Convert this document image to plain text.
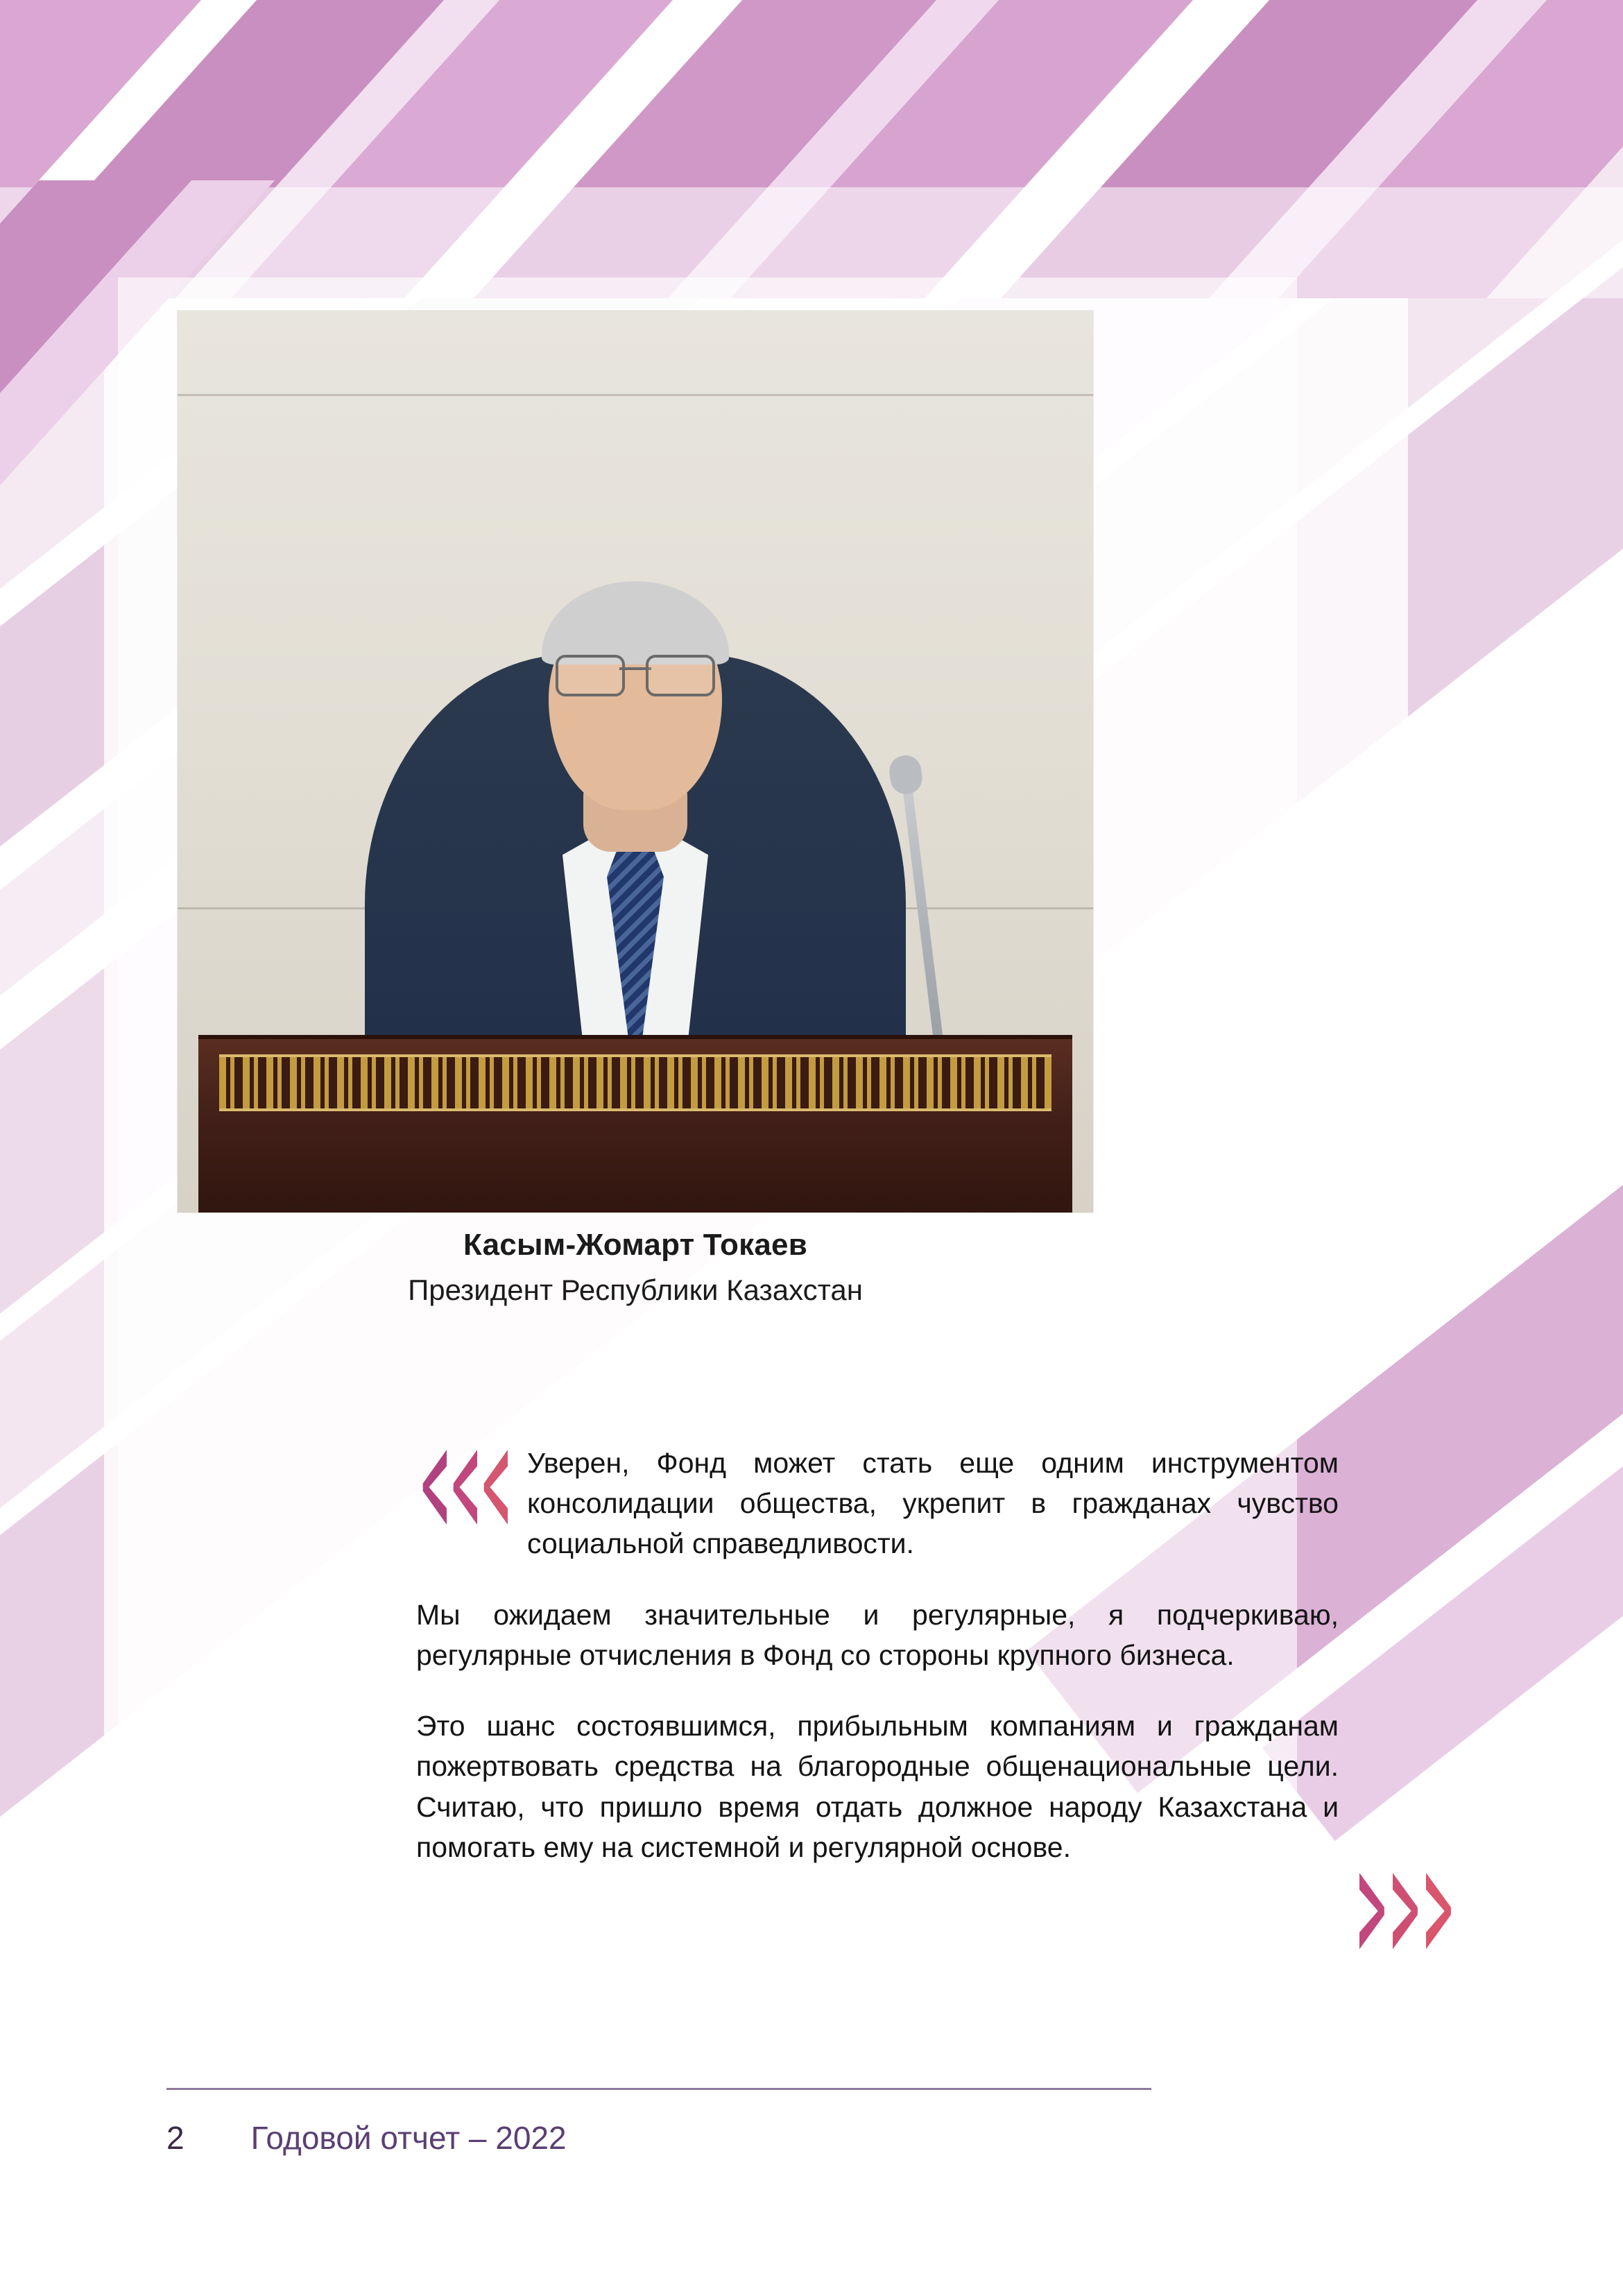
Касым-Жомарт Токаев
Президент Республики Казахстан

Уверен, Фонд может стать еще одним инструментом консолидации общества, укрепит в гражданах чувство социальной справедливости.

Мы ожидаем значительные и регулярные, я подчеркиваю, регулярные отчисления в Фонд со стороны крупного бизнеса.

Это шанс состоявшимся, прибыльным компаниям и гражданам пожертвовать средства на благородные общенациональные цели. Считаю, что пришло время отдать должное народу Казахстана и помогать ему на системной и регулярной основе.

2 Годовой отчет – 2022
